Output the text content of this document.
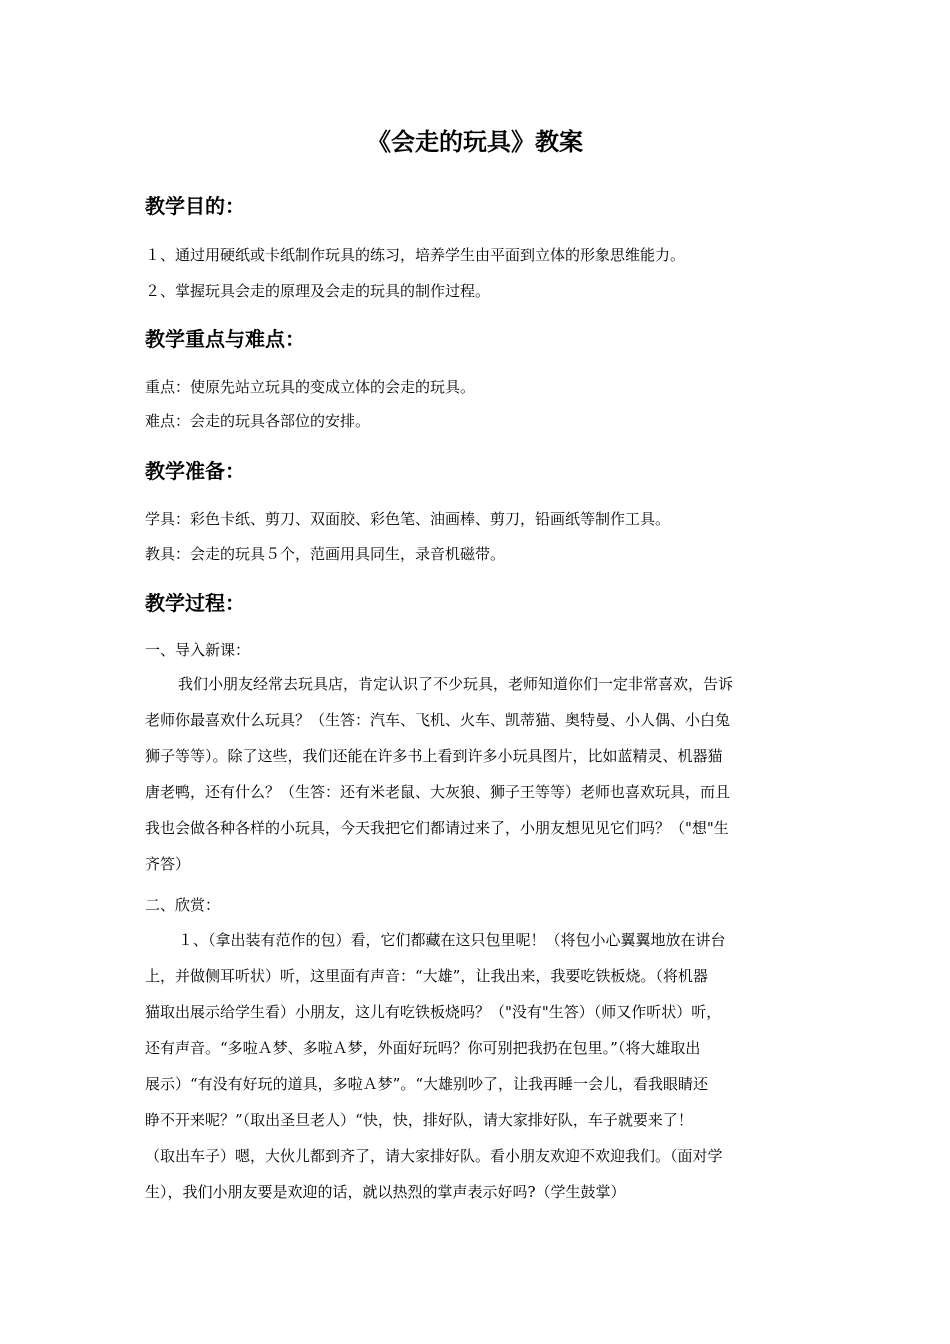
《会走的玩具》教案
教学目的：
１、通过用硬纸或卡纸制作玩具的练习，培养学生由平面到立体的形象思维能力。
２、掌握玩具会走的原理及会走的玩具的制作过程。
教学重点与难点：
重点：使原先站立玩具的变成立体的会走的玩具。
难点：会走的玩具各部位的安排。
教学准备：
学具：彩色卡纸、剪刀、双面胶、彩色笔、油画棒、剪刀，铅画纸等制作工具。
教具：会走的玩具５个，范画用具同生，录音机磁带。
教学过程：
一、导入新课：
我们小朋友经常去玩具店，肯定认识了不少玩具，老师知道你们一定非常喜欢，告诉
老师你最喜欢什么玩具？（生答：汽车、飞机、火车、凯蒂猫、奥特曼、小人偶、小白兔
狮子等等）。除了这些，我们还能在许多书上看到许多小玩具图片，比如蓝精灵、机器猫
唐老鸭，还有什么？（生答：还有米老鼠、大灰狼、狮子王等等）老师也喜欢玩具，而且
我也会做各种各样的小玩具，今天我把它们都请过来了，小朋友想见见它们吗？（"想"生
齐答）
二、欣赏：
１、（拿出装有范作的包）看，它们都藏在这只包里呢！（将包小心翼翼地放在讲台
上，并做侧耳听状）听，这里面有声音：“大雄”，让我出来，我要吃铁板烧。（将机器
猫取出展示给学生看）小朋友，这儿有吃铁板烧吗？（"没有"生答）（师又作听状）听，
还有声音。“多啦Ａ梦、多啦Ａ梦，外面好玩吗？你可别把我扔在包里。”（将大雄取出
展示）“有没有好玩的道具，多啦Ａ梦”。“大雄别吵了，让我再睡一会儿，看我眼睛还
睁不开来呢？”（取出圣旦老人）“快，快，排好队，请大家排好队，车子就要来了！
（取出车子）嗯，大伙儿都到齐了，请大家排好队。看小朋友欢迎不欢迎我们。（面对学
生），我们小朋友要是欢迎的话，就以热烈的掌声表示好吗?（学生鼓掌）
